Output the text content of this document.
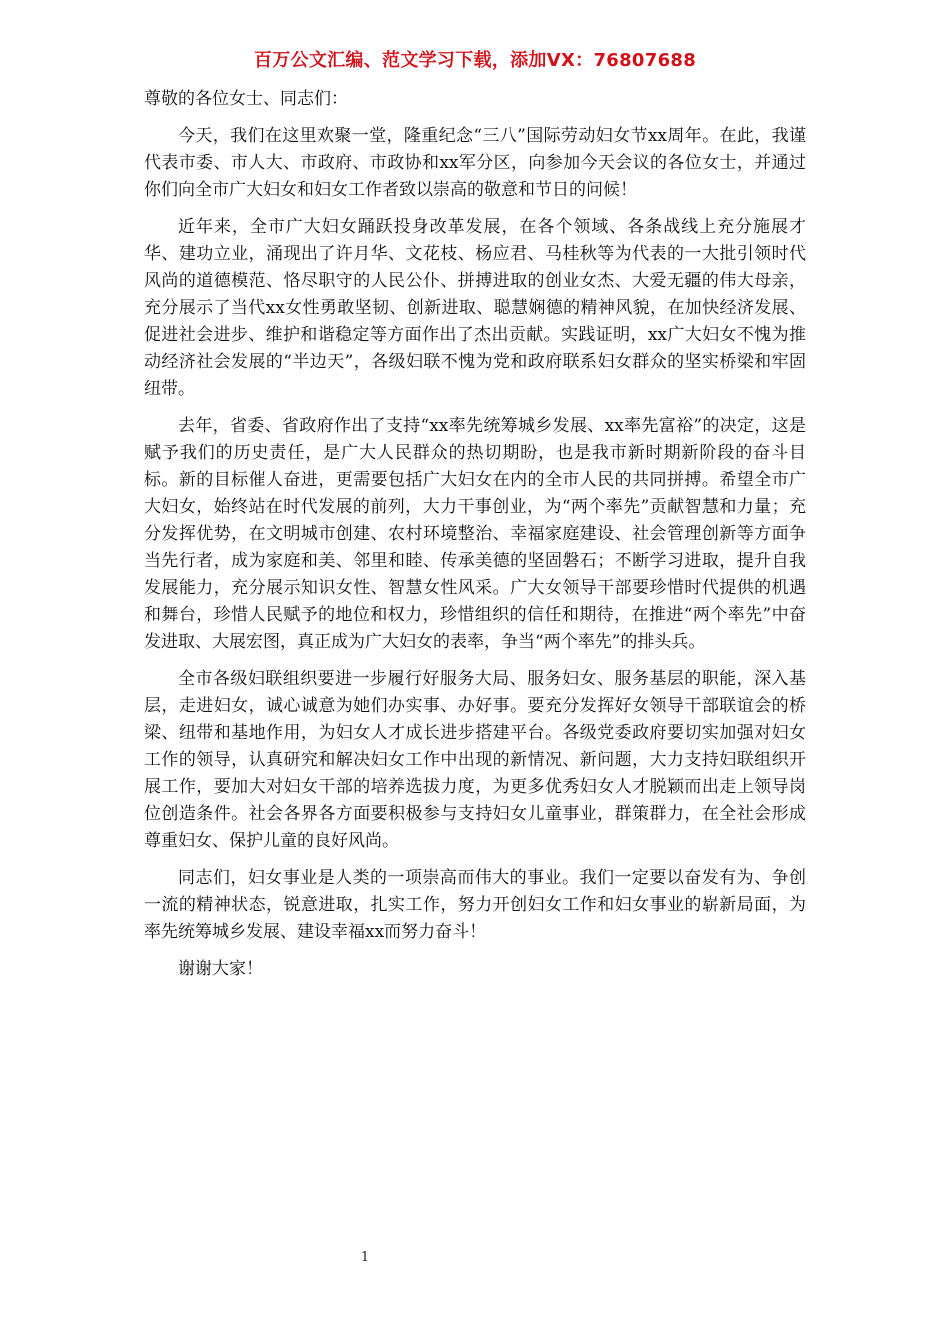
百万公文汇编、范文学习下载，添加VX：76807688

尊敬的各位女士、同志们：

今天，我们在这里欢聚一堂，隆重纪念“三八”国际劳动妇女节xx周年。在此，我谨代表市委、市人大、市政府、市政协和xx军分区，向参加今天会议的各位女士，并通过你们向全市广大妇女和妇女工作者致以崇高的敬意和节日的问候！

近年来，全市广大妇女踊跃投身改革发展，在各个领域、各条战线上充分施展才华、建功立业，涌现出了许月华、文花枝、杨应君、马桂秋等为代表的一大批引领时代风尚的道德模范、恪尽职守的人民公仆、拼搏进取的创业女杰、大爱无疆的伟大母亲，充分展示了当代xx女性勇敢坚韧、创新进取、聪慧娴德的精神风貌，在加快经济发展、促进社会进步、维护和谐稳定等方面作出了杰出贡献。实践证明，xx广大妇女不愧为推动经济社会发展的“半边天”，各级妇联不愧为党和政府联系妇女群众的坚实桥梁和牢固纽带。

去年，省委、省政府作出了支持“xx率先统筹城乡发展、xx率先富裕”的决定，这是赋予我们的历史责任，是广大人民群众的热切期盼，也是我市新时期新阶段的奋斗目标。新的目标催人奋进，更需要包括广大妇女在内的全市人民的共同拼搏。希望全市广大妇女，始终站在时代发展的前列，大力干事创业，为“两个率先”贡献智慧和力量；充分发挥优势，在文明城市创建、农村环境整治、幸福家庭建设、社会管理创新等方面争当先行者，成为家庭和美、邻里和睦、传承美德的坚固磐石；不断学习进取，提升自我发展能力，充分展示知识女性、智慧女性风采。广大女领导干部要珍惜时代提供的机遇和舞台，珍惜人民赋予的地位和权力，珍惜组织的信任和期待，在推进“两个率先”中奋发进取、大展宏图，真正成为广大妇女的表率，争当“两个率先”的排头兵。

全市各级妇联组织要进一步履行好服务大局、服务妇女、服务基层的职能，深入基层，走进妇女，诚心诚意为她们办实事、办好事。要充分发挥好女领导干部联谊会的桥梁、纽带和基地作用，为妇女人才成长进步搭建平台。各级党委政府要切实加强对妇女工作的领导，认真研究和解决妇女工作中出现的新情况、新问题，大力支持妇联组织开展工作，要加大对妇女干部的培养选拔力度，为更多优秀妇女人才脱颖而出走上领导岗位创造条件。社会各界各方面要积极参与支持妇女儿童事业，群策群力，在全社会形成尊重妇女、保护儿童的良好风尚。

同志们，妇女事业是人类的一项崇高而伟大的事业。我们一定要以奋发有为、争创一流的精神状态，锐意进取，扎实工作，努力开创妇女工作和妇女事业的崭新局面，为率先统筹城乡发展、建设幸福xx而努力奋斗！

谢谢大家！

1
